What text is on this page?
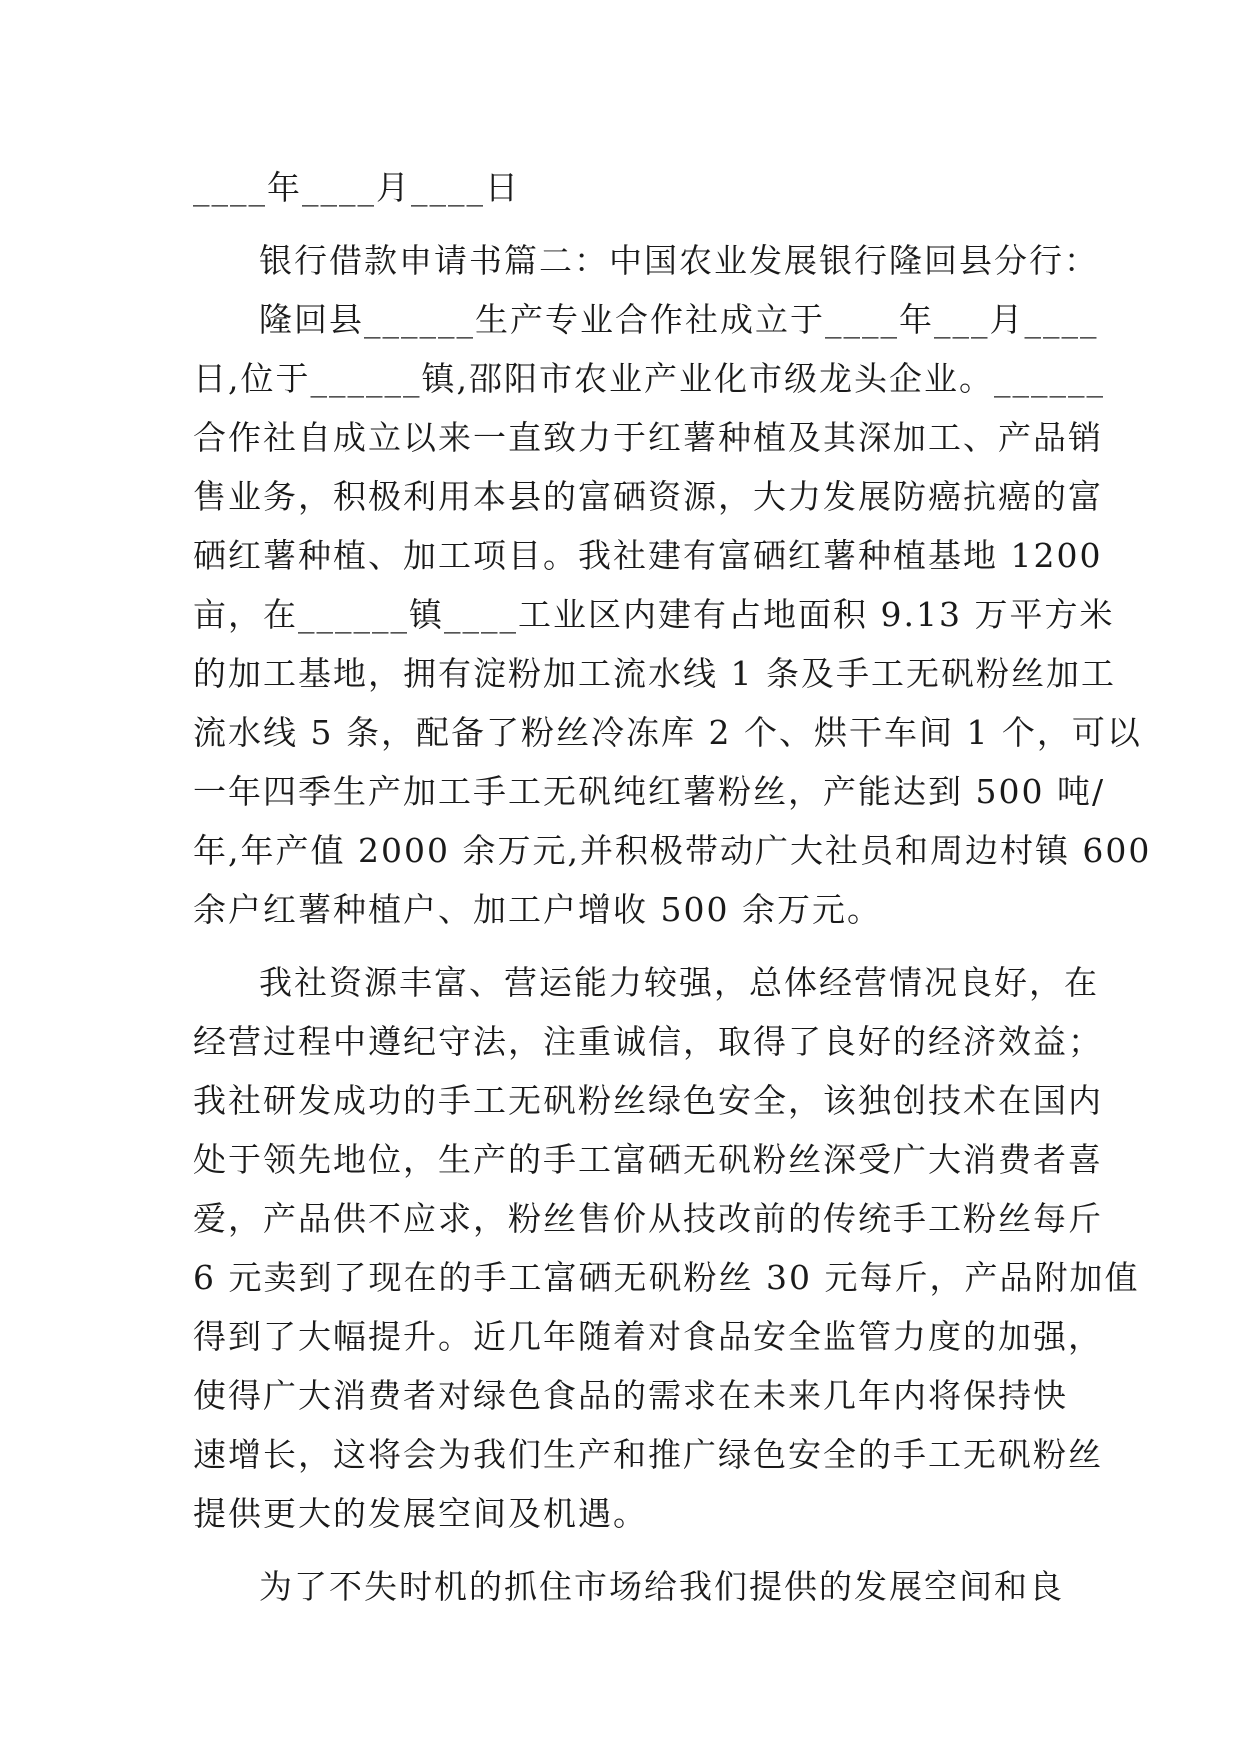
____年____月____日
银行借款申请书篇二：中国农业发展银行隆回县分行：
隆回县______生产专业合作社成立于____年___月____
日,位于______镇,邵阳市农业产业化市级龙头企业。______
合作社自成立以来一直致力于红薯种植及其深加工、产品销
售业务，积极利用本县的富硒资源，大力发展防癌抗癌的富
硒红薯种植、加工项目。我社建有富硒红薯种植基地 1200
亩，在______镇____工业区内建有占地面积 9.13 万平方米
的加工基地，拥有淀粉加工流水线 1 条及手工无矾粉丝加工
流水线 5 条，配备了粉丝冷冻库 2 个、烘干车间 1 个，可以
一年四季生产加工手工无矾纯红薯粉丝，产能达到 500 吨/
年,年产值 2000 余万元,并积极带动广大社员和周边村镇 600
余户红薯种植户、加工户增收 500 余万元。
我社资源丰富、营运能力较强，总体经营情况良好，在
经营过程中遵纪守法，注重诚信，取得了良好的经济效益；
我社研发成功的手工无矾粉丝绿色安全，该独创技术在国内
处于领先地位，生产的手工富硒无矾粉丝深受广大消费者喜
爱，产品供不应求，粉丝售价从技改前的传统手工粉丝每斤
6 元卖到了现在的手工富硒无矾粉丝 30 元每斤，产品附加值
得到了大幅提升。近几年随着对食品安全监管力度的加强，
使得广大消费者对绿色食品的需求在未来几年内将保持快
速增长，这将会为我们生产和推广绿色安全的手工无矾粉丝
提供更大的发展空间及机遇。
为了不失时机的抓住市场给我们提供的发展空间和良
